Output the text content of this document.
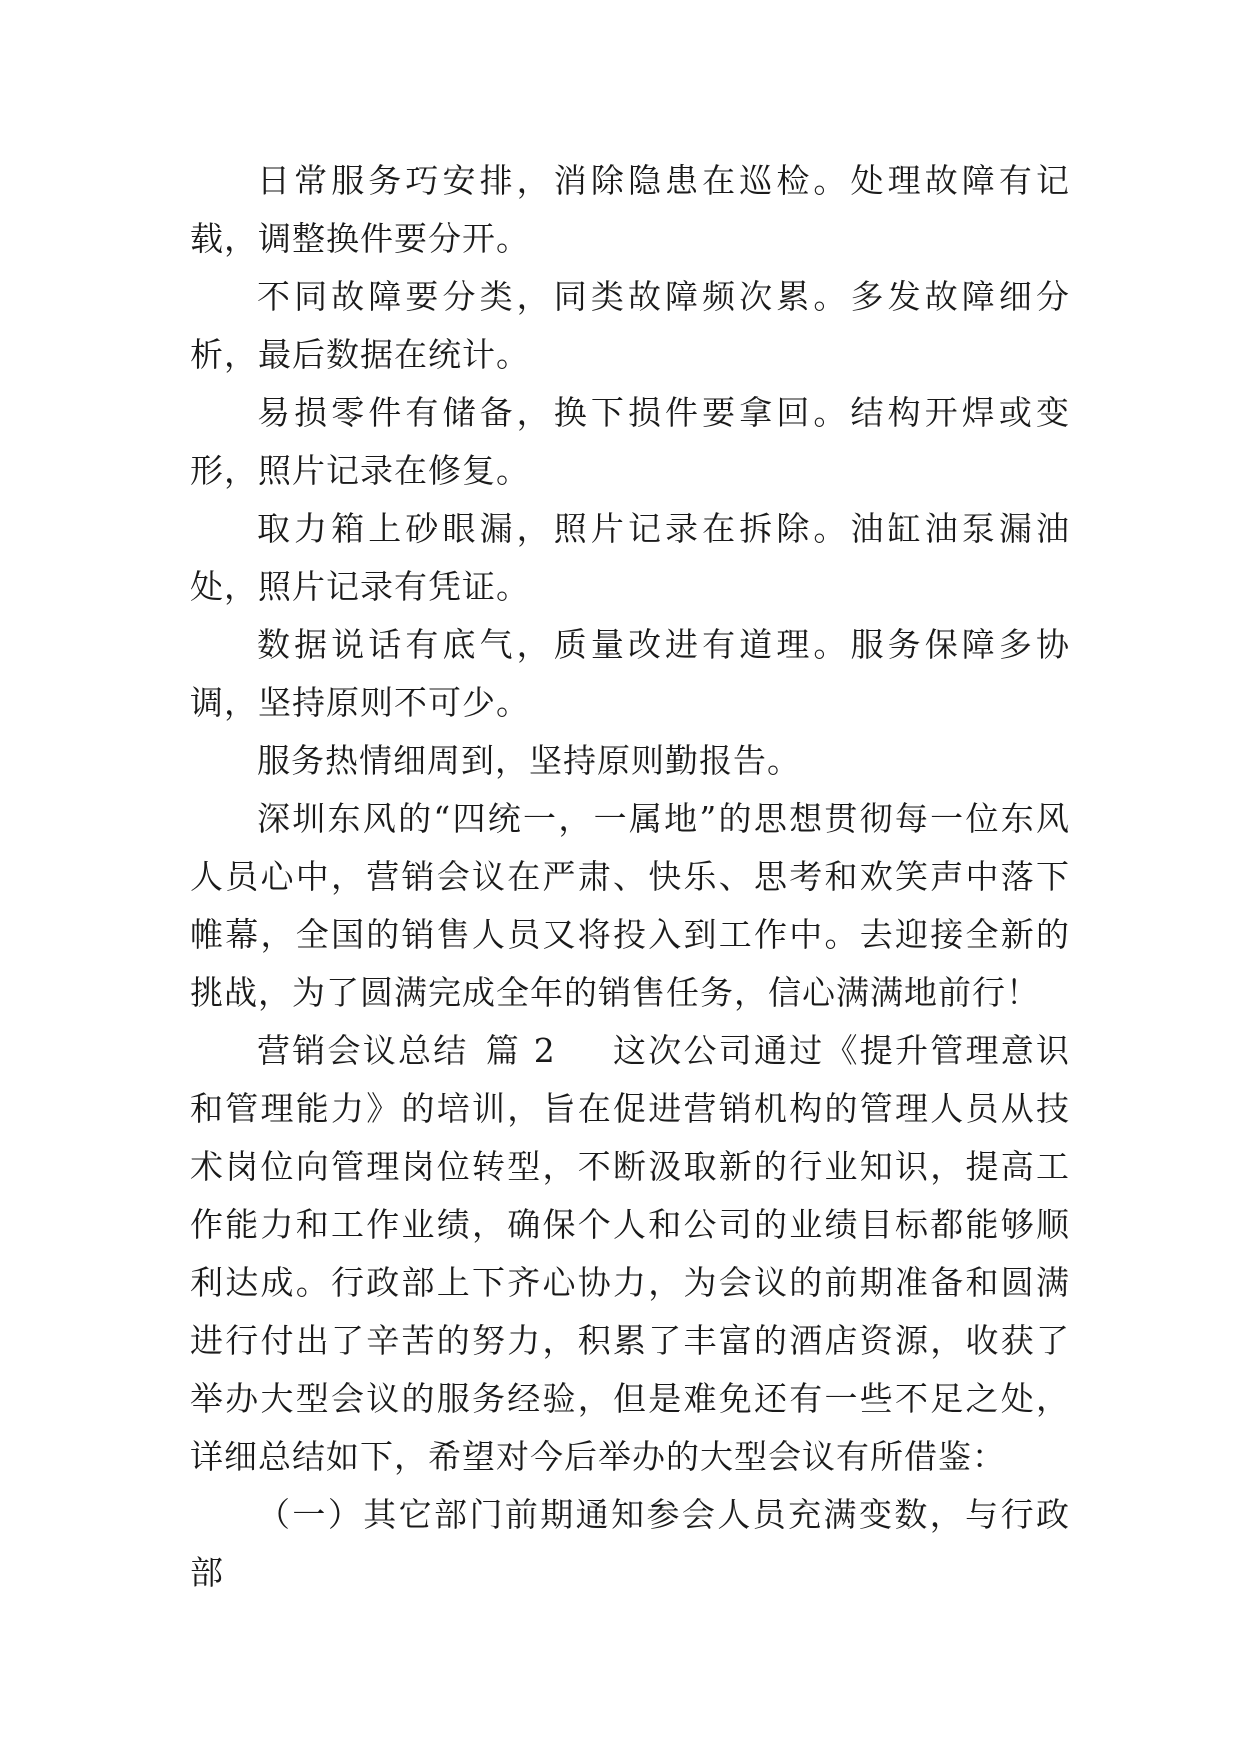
日常服务巧安排，消除隐患在巡检。处理故障有记载，调整换件要分开。

不同故障要分类，同类故障频次累。多发故障细分析，最后数据在统计。

易损零件有储备，换下损件要拿回。结构开焊或变形，照片记录在修复。

取力箱上砂眼漏，照片记录在拆除。油缸油泵漏油处，照片记录有凭证。

数据说话有底气，质量改进有道理。服务保障多协调，坚持原则不可少。

服务热情细周到，坚持原则勤报告。

深圳东风的“四统一，一属地”的思想贯彻每一位东风人员心中，营销会议在严肃、快乐、思考和欢笑声中落下帷幕，全国的销售人员又将投入到工作中。去迎接全新的挑战，为了圆满完成全年的销售任务，信心满满地前行！

营销会议总结 篇 2 这次公司通过《提升管理意识和管理能力》的培训，旨在促进营销机构的管理人员从技术岗位向管理岗位转型，不断汲取新的行业知识，提高工作能力和工作业绩，确保个人和公司的业绩目标都能够顺利达成。行政部上下齐心协力，为会议的前期准备和圆满进行付出了辛苦的努力，积累了丰富的酒店资源，收获了举办大型会议的服务经验，但是难免还有一些不足之处，详细总结如下，希望对今后举办的大型会议有所借鉴：

（一）其它部门前期通知参会人员充满变数，与行政部
